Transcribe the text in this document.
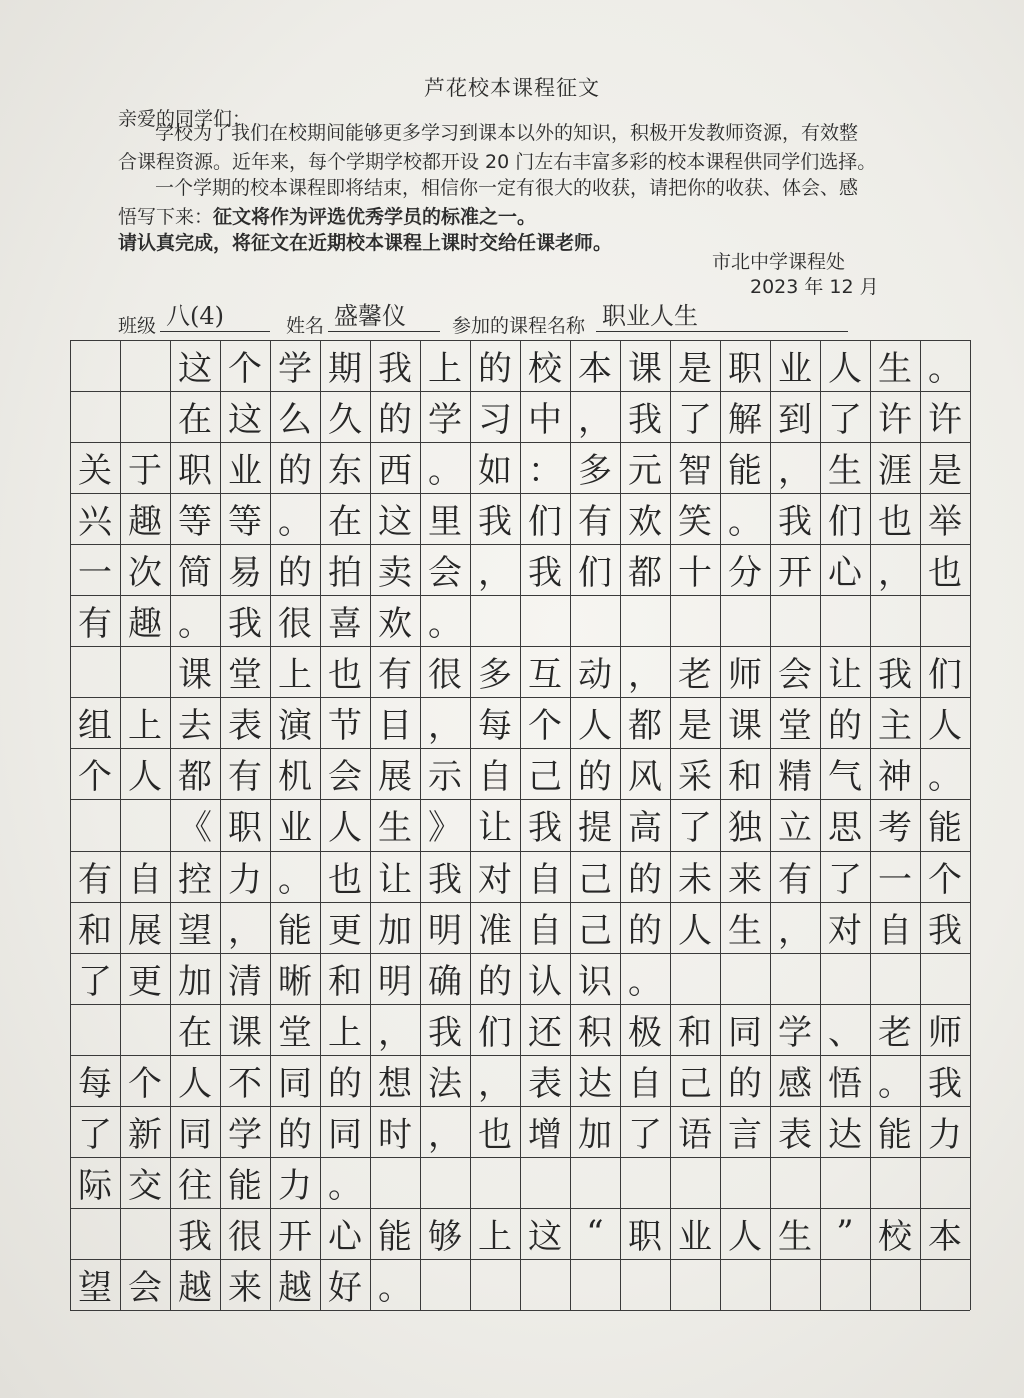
芦花校本课程征文
亲爱的同学们：
学校为了我们在校期间能够更多学习到课本以外的知识，积极开发教师资源，有效整
合课程资源。近年来，每个学期学校都开设 20 门左右丰富多彩的校本课程供同学们选择。
一个学期的校本课程即将结束，相信你一定有很大的收获，请把你的收获、体会、感
悟写下来：征文将作为评选优秀学员的标准之一。
请认真完成，将征文在近期校本课程上课时交给任课老师。
市北中学课程处
2023 年 12 月
班级 八(4)	姓名 盛馨仪	参加的课程名称 职业人生
这 个 学 期 我 上 的 校 本 课 是 职 业 人 生 。
在 这 么 久 的 学 习 中 ， 我 了 解 到 了 许 许
关 于 职 业 的 东 西 。 如 ： 多 元 智 能 ， 生 涯 是
兴 趣 等 等 。 在 这 里 我 们 有 欢 笑 。 我 们 也 举
一 次 简 易 的 拍 卖 会 ， 我 们 都 十 分 开 心 ， 也
有 趣 。 我 很 喜 欢 。
课 堂 上 也 有 很 多 互 动 ， 老 师 会 让 我 们
组 上 去 表 演 节 目 ， 每 个 人 都 是 课 堂 的 主 人
个 人 都 有 机 会 展 示 自 己 的 风 采 和 精 气 神 。
《 职 业 人 生 》 让 我 提 高 了 独 立 思 考 能
有 自 控 力 。 也 让 我 对 自 己 的 未 来 有 了 一 个
和 展 望 ， 能 更 加 明 准 自 己 的 人 生 ， 对 自 我
了 更 加 清 晰 和 明 确 的 认 识 。
在 课 堂 上 ， 我 们 还 积 极 和 同 学 、 老 师
每 个 人 不 同 的 想 法 ， 表 达 自 己 的 感 悟 。 我
了 新 同 学 的 同 时 ， 也 增 加 了 语 言 表 达 能 力
际 交 往 能 力 。
我 很 开 心 能 够 上 这 “ 职 业 人 生 ” 校 本
望 会 越 来 越 好 。
